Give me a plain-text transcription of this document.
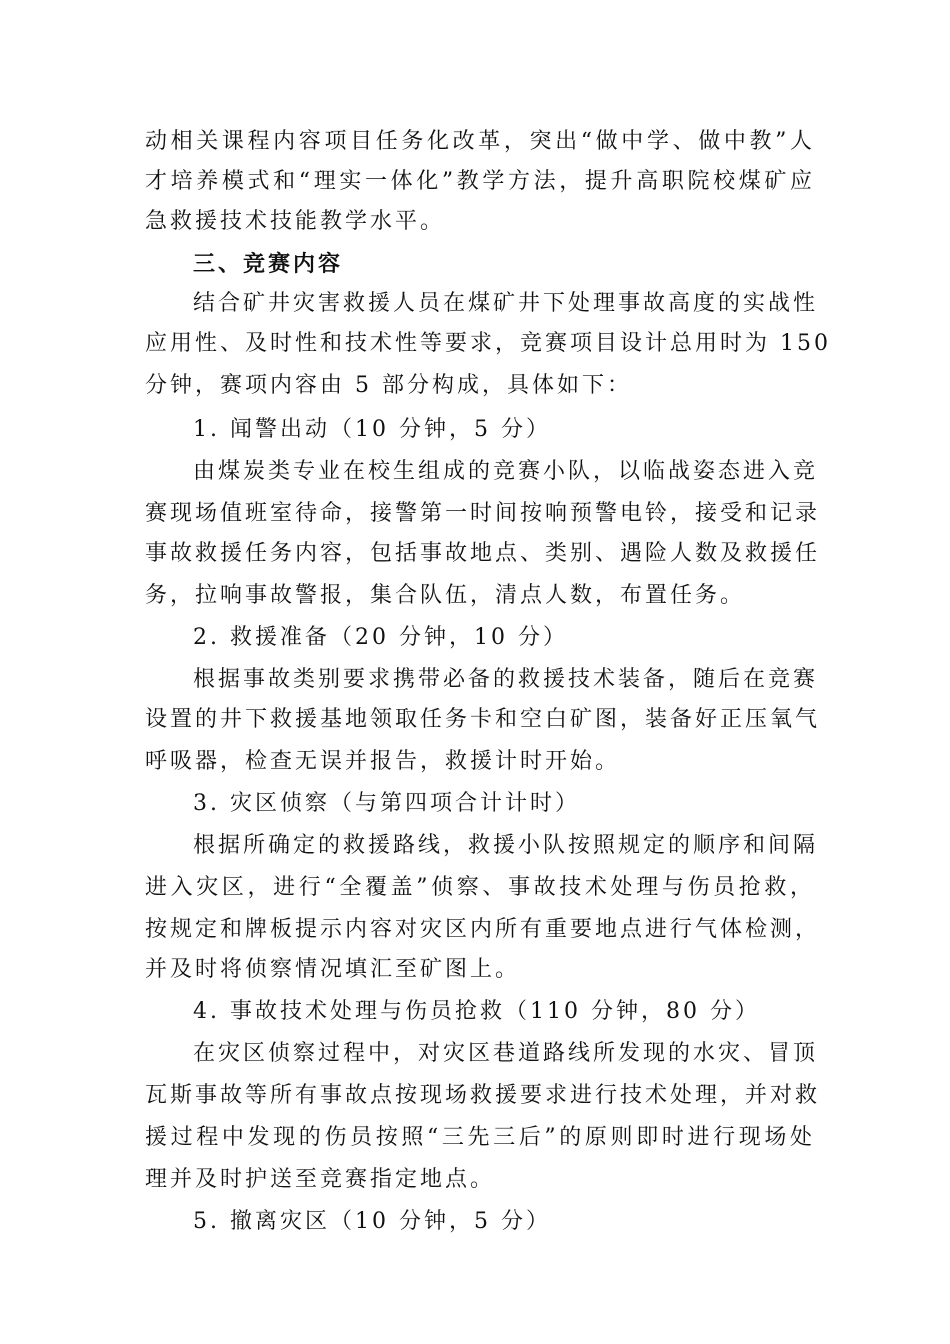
动相关课程内容项目任务化改革，突出“做中学、做中教”人
才培养模式和“理实一体化”教学方法，提升高职院校煤矿应
急救援技术技能教学水平。
三、竞赛内容
结合矿井灾害救援人员在煤矿井下处理事故高度的实战性
应用性、及时性和技术性等要求，竞赛项目设计总用时为 150
分钟，赛项内容由 5 部分构成，具体如下：
1. 闻警出动（10 分钟，5 分）
由煤炭类专业在校生组成的竞赛小队，以临战姿态进入竞
赛现场值班室待命，接警第一时间按响预警电铃，接受和记录
事故救援任务内容，包括事故地点、类别、遇险人数及救援任
务，拉响事故警报，集合队伍，清点人数，布置任务。
2. 救援准备（20 分钟，10 分）
根据事故类别要求携带必备的救援技术装备，随后在竞赛
设置的井下救援基地领取任务卡和空白矿图，装备好正压氧气
呼吸器，检查无误并报告，救援计时开始。
3. 灾区侦察（与第四项合计计时）
根据所确定的救援路线，救援小队按照规定的顺序和间隔
进入灾区，进行“全覆盖”侦察、事故技术处理与伤员抢救，
按规定和牌板提示内容对灾区内所有重要地点进行气体检测，
并及时将侦察情况填汇至矿图上。
4. 事故技术处理与伤员抢救（110 分钟，80 分）
在灾区侦察过程中，对灾区巷道路线所发现的水灾、冒顶
瓦斯事故等所有事故点按现场救援要求进行技术处理，并对救
援过程中发现的伤员按照“三先三后”的原则即时进行现场处
理并及时护送至竞赛指定地点。
5. 撤离灾区（10 分钟，5 分）
